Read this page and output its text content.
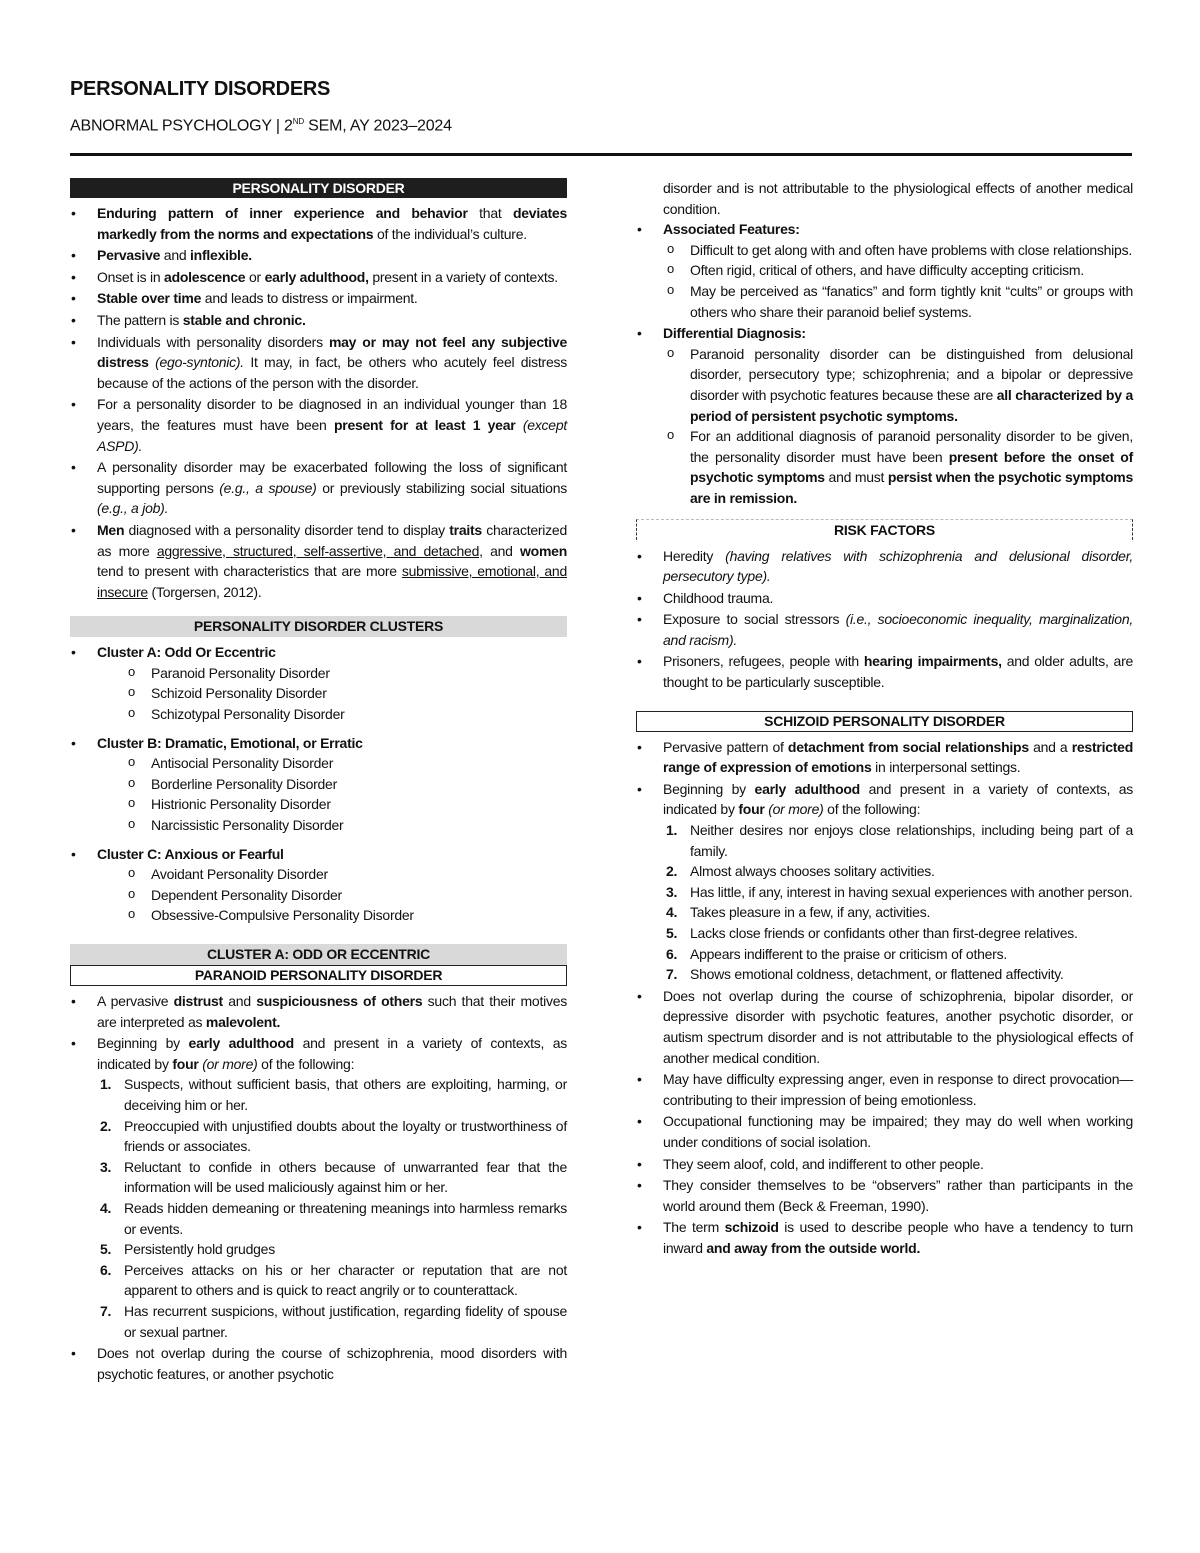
PERSONALITY DISORDERS
ABNORMAL PSYCHOLOGY | 2ND SEM, AY 2023–2024
PERSONALITY DISORDER
• Enduring pattern of inner experience and behavior that deviates markedly from the norms and expectations of the individual’s culture.
• Pervasive and inflexible.
• Onset is in adolescence or early adulthood, present in a variety of contexts.
• Stable over time and leads to distress or impairment.
• The pattern is stable and chronic.
• Individuals with personality disorders may or may not feel any subjective distress (ego-syntonic). It may, in fact, be others who acutely feel distress because of the actions of the person with the disorder.
• For a personality disorder to be diagnosed in an individual younger than 18 years, the features must have been present for at least 1 year (except ASPD).
• A personality disorder may be exacerbated following the loss of significant supporting persons (e.g., a spouse) or previously stabilizing social situations (e.g., a job).
• Men diagnosed with a personality disorder tend to display traits characterized as more aggressive, structured, self-assertive, and detached, and women tend to present with characteristics that are more submissive, emotional, and insecure (Torgersen, 2012).
PERSONALITY DISORDER CLUSTERS
• Cluster A: Odd Or Eccentric
o Paranoid Personality Disorder
o Schizoid Personality Disorder
o Schizotypal Personality Disorder
• Cluster B: Dramatic, Emotional, or Erratic
o Antisocial Personality Disorder
o Borderline Personality Disorder
o Histrionic Personality Disorder
o Narcissistic Personality Disorder
• Cluster C: Anxious or Fearful
o Avoidant Personality Disorder
o Dependent Personality Disorder
o Obsessive-Compulsive Personality Disorder
CLUSTER A: ODD OR ECCENTRIC
PARANOID PERSONALITY DISORDER
• A pervasive distrust and suspiciousness of others such that their motives are interpreted as malevolent.
• Beginning by early adulthood and present in a variety of contexts, as indicated by four (or more) of the following:
1. Suspects, without sufficient basis, that others are exploiting, harming, or deceiving him or her.
2. Preoccupied with unjustified doubts about the loyalty or trustworthiness of friends or associates.
3. Reluctant to confide in others because of unwarranted fear that the information will be used maliciously against him or her.
4. Reads hidden demeaning or threatening meanings into harmless remarks or events.
5. Persistently hold grudges
6. Perceives attacks on his or her character or reputation that are not apparent to others and is quick to react angrily or to counterattack.
7. Has recurrent suspicions, without justification, regarding fidelity of spouse or sexual partner.
• Does not overlap during the course of schizophrenia, mood disorders with psychotic features, or another psychotic
disorder and is not attributable to the physiological effects of another medical condition.
• Associated Features:
o Difficult to get along with and often have problems with close relationships.
o Often rigid, critical of others, and have difficulty accepting criticism.
o May be perceived as “fanatics” and form tightly knit “cults” or groups with others who share their paranoid belief systems.
• Differential Diagnosis:
o Paranoid personality disorder can be distinguished from delusional disorder, persecutory type; schizophrenia; and a bipolar or depressive disorder with psychotic features because these are all characterized by a period of persistent psychotic symptoms.
o For an additional diagnosis of paranoid personality disorder to be given, the personality disorder must have been present before the onset of psychotic symptoms and must persist when the psychotic symptoms are in remission.
RISK FACTORS
• Heredity (having relatives with schizophrenia and delusional disorder, persecutory type).
• Childhood trauma.
• Exposure to social stressors (i.e., socioeconomic inequality, marginalization, and racism).
• Prisoners, refugees, people with hearing impairments, and older adults, are thought to be particularly susceptible.
SCHIZOID PERSONALITY DISORDER
• Pervasive pattern of detachment from social relationships and a restricted range of expression of emotions in interpersonal settings.
• Beginning by early adulthood and present in a variety of contexts, as indicated by four (or more) of the following:
1. Neither desires nor enjoys close relationships, including being part of a family.
2. Almost always chooses solitary activities.
3. Has little, if any, interest in having sexual experiences with another person.
4. Takes pleasure in a few, if any, activities.
5. Lacks close friends or confidants other than first-degree relatives.
6. Appears indifferent to the praise or criticism of others.
7. Shows emotional coldness, detachment, or flattened affectivity.
• Does not overlap during the course of schizophrenia, bipolar disorder, or depressive disorder with psychotic features, another psychotic disorder, or autism spectrum disorder and is not attributable to the physiological effects of another medical condition.
• May have difficulty expressing anger, even in response to direct provocation—contributing to their impression of being emotionless.
• Occupational functioning may be impaired; they may do well when working under conditions of social isolation.
• They seem aloof, cold, and indifferent to other people.
• They consider themselves to be “observers” rather than participants in the world around them (Beck & Freeman, 1990).
• The term schizoid is used to describe people who have a tendency to turn inward and away from the outside world.
